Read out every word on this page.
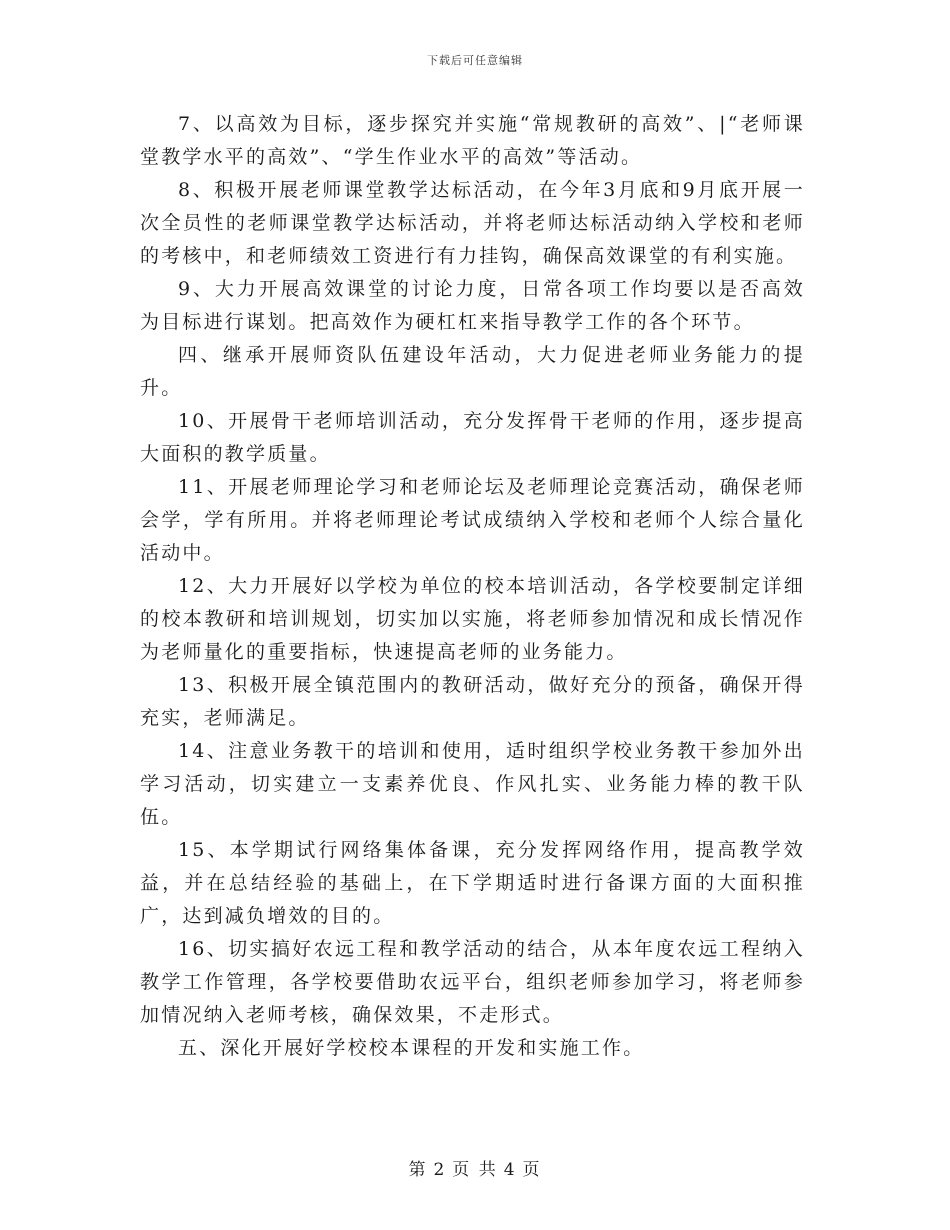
下载后可任意编辑

7、以高效为目标，逐步探究并实施“常规教研的高效”、|“老师课堂教学水平的高效”、“学生作业水平的高效”等活动。

8、积极开展老师课堂教学达标活动，在今年3月底和9月底开展一次全员性的老师课堂教学达标活动，并将老师达标活动纳入学校和老师的考核中，和老师绩效工资进行有力挂钩，确保高效课堂的有利实施。

9、大力开展高效课堂的讨论力度，日常各项工作均要以是否高效为目标进行谋划。把高效作为硬杠杠来指导教学工作的各个环节。

四、继承开展师资队伍建设年活动，大力促进老师业务能力的提升。

10、开展骨干老师培训活动，充分发挥骨干老师的作用，逐步提高大面积的教学质量。

11、开展老师理论学习和老师论坛及老师理论竞赛活动，确保老师会学，学有所用。并将老师理论考试成绩纳入学校和老师个人综合量化活动中。

12、大力开展好以学校为单位的校本培训活动，各学校要制定详细的校本教研和培训规划，切实加以实施，将老师参加情况和成长情况作为老师量化的重要指标，快速提高老师的业务能力。

13、积极开展全镇范围内的教研活动，做好充分的预备，确保开得充实，老师满足。

14、注意业务教干的培训和使用，适时组织学校业务教干参加外出学习活动，切实建立一支素养优良、作风扎实、业务能力棒的教干队伍。

15、本学期试行网络集体备课，充分发挥网络作用，提高教学效益，并在总结经验的基础上，在下学期适时进行备课方面的大面积推广，达到减负增效的目的。

16、切实搞好农远工程和教学活动的结合，从本年度农远工程纳入教学工作管理，各学校要借助农远平台，组织老师参加学习，将老师参加情况纳入老师考核，确保效果，不走形式。

五、深化开展好学校校本课程的开发和实施工作。

第 2 页 共 4 页
